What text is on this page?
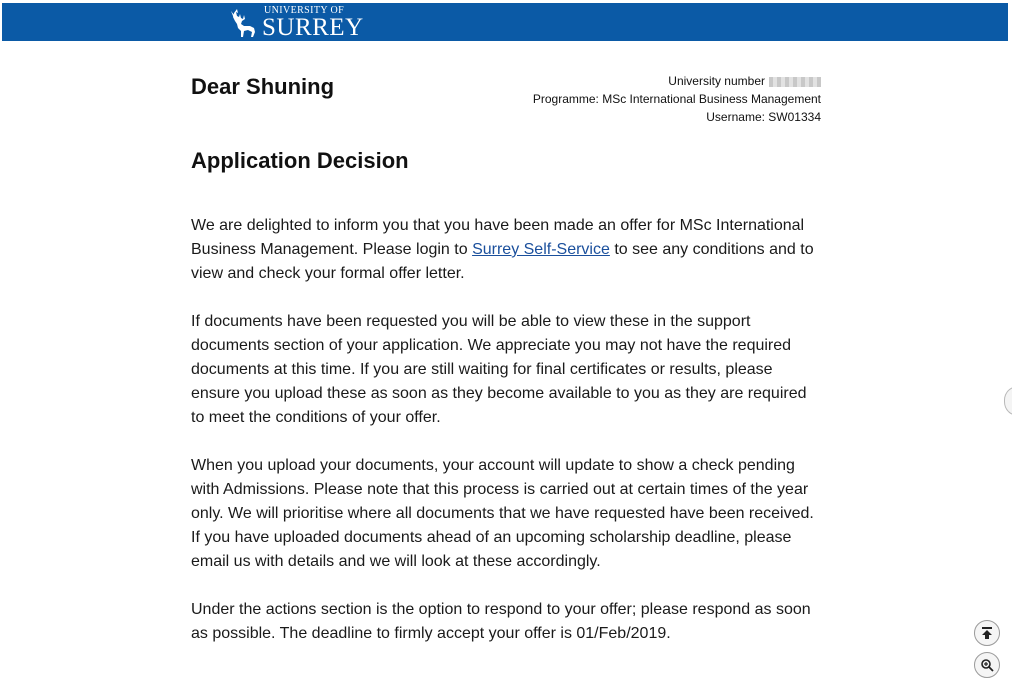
UNIVERSITY OF
SURREY
Dear Shuning	University number
Programme: MSc International Business Management
Username: SW01334
Application Decision

We are delighted to inform you that you have been made an offer for MSc International Business Management. Please login to Surrey Self-Service to see any conditions and to view and check your formal offer letter.

If documents have been requested you will be able to view these in the support documents section of your application. We appreciate you may not have the required documents at this time. If you are still waiting for final certificates or results, please ensure you upload these as soon as they become available to you as they are required to meet the conditions of your offer.

When you upload your documents, your account will update to show a check pending with Admissions. Please note that this process is carried out at certain times of the year only. We will prioritise where all documents that we have requested have been received. If you have uploaded documents ahead of an upcoming scholarship deadline, please email us with details and we will look at these accordingly.

Under the actions section is the option to respond to your offer; please respond as soon as possible. The deadline to firmly accept your offer is 01/Feb/2019.
